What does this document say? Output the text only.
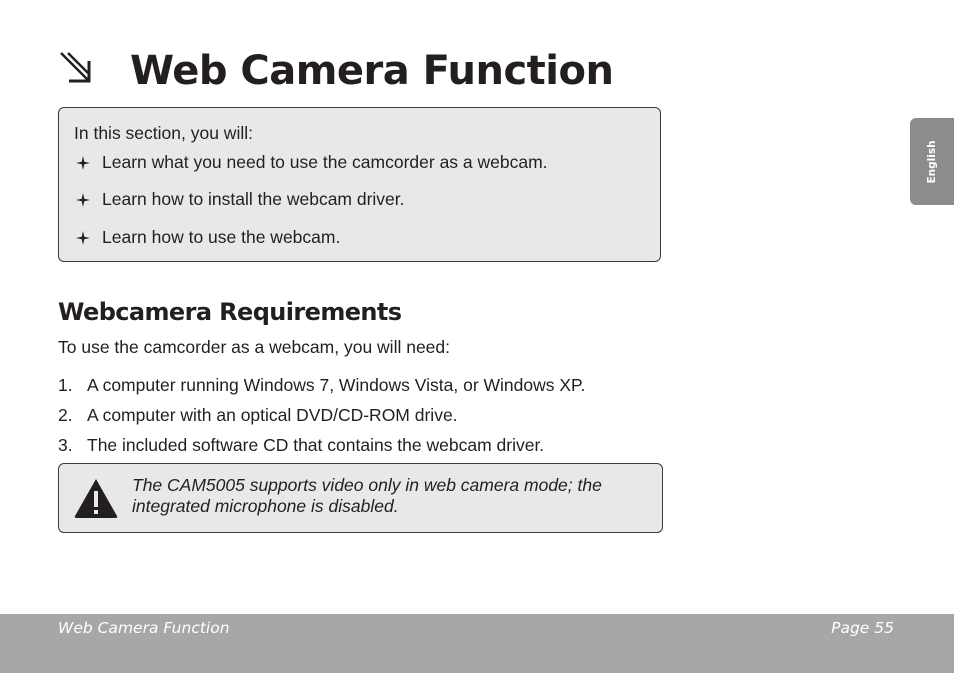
Web Camera Function
In this section, you will:
Learn what you need to use the camcorder as a webcam.
Learn how to install the webcam driver.
Learn how to use the webcam.
Webcamera Requirements
To use the camcorder as a webcam, you will need:
1. A computer running Windows 7, Windows Vista, or Windows XP.
2. A computer with an optical DVD/CD-ROM drive.
3. The included software CD that contains the webcam driver.
The CAM5005 supports video only in web camera mode; the integrated microphone is disabled.
English
Web Camera Function	Page 55
